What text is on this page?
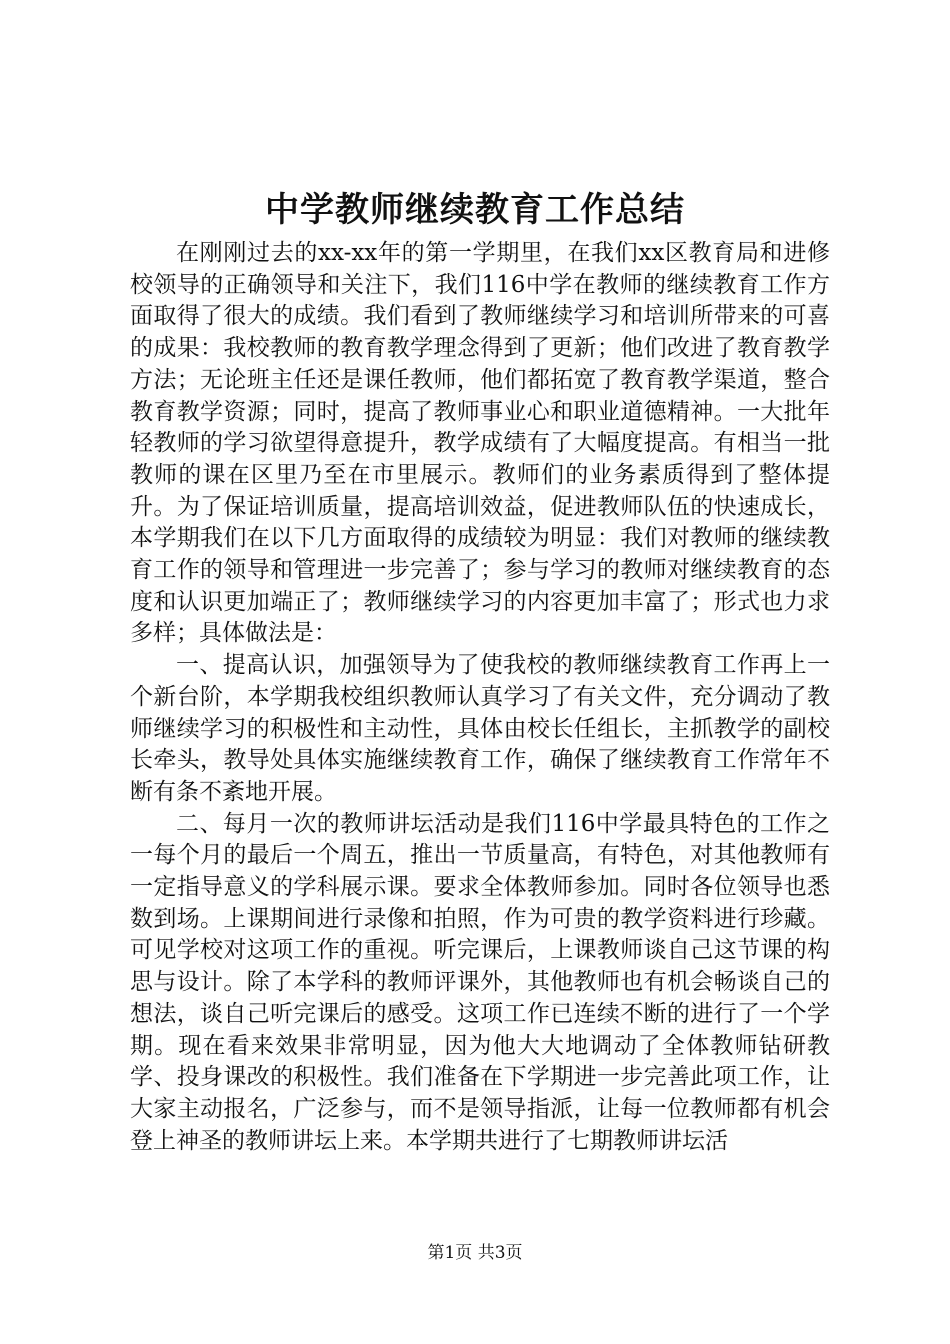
中学教师继续教育工作总结

在刚刚过去的xx-xx年的第一学期里，在我们xx区教育局和进修校领导的正确领导和关注下，我们116中学在教师的继续教育工作方面取得了很大的成绩。我们看到了教师继续学习和培训所带来的可喜的成果：我校教师的教育教学理念得到了更新；他们改进了教育教学方法；无论班主任还是课任教师，他们都拓宽了教育教学渠道，整合教育教学资源；同时，提高了教师事业心和职业道德精神。一大批年轻教师的学习欲望得意提升，教学成绩有了大幅度提高。有相当一批教师的课在区里乃至在市里展示。教师们的业务素质得到了整体提升。为了保证培训质量，提高培训效益，促进教师队伍的快速成长，本学期我们在以下几方面取得的成绩较为明显：我们对教师的继续教育工作的领导和管理进一步完善了；参与学习的教师对继续教育的态度和认识更加端正了；教师继续学习的内容更加丰富了；形式也力求多样；具体做法是：

一、提高认识，加强领导为了使我校的教师继续教育工作再上一个新台阶，本学期我校组织教师认真学习了有关文件，充分调动了教师继续学习的积极性和主动性，具体由校长任组长，主抓教学的副校长牵头，教导处具体实施继续教育工作，确保了继续教育工作常年不断有条不紊地开展。

二、每月一次的教师讲坛活动是我们116中学最具特色的工作之一每个月的最后一个周五，推出一节质量高，有特色，对其他教师有一定指导意义的学科展示课。要求全体教师参加。同时各位领导也悉数到场。上课期间进行录像和拍照，作为可贵的教学资料进行珍藏。可见学校对这项工作的重视。听完课后，上课教师谈自己这节课的构思与设计。除了本学科的教师评课外，其他教师也有机会畅谈自己的想法，谈自己听完课后的感受。这项工作已连续不断的进行了一个学期。现在看来效果非常明显，因为他大大地调动了全体教师钻研教学、投身课改的积极性。我们准备在下学期进一步完善此项工作，让大家主动报名，广泛参与，而不是领导指派，让每一位教师都有机会登上神圣的教师讲坛上来。本学期共进行了七期教师讲坛活

第1页 共3页
